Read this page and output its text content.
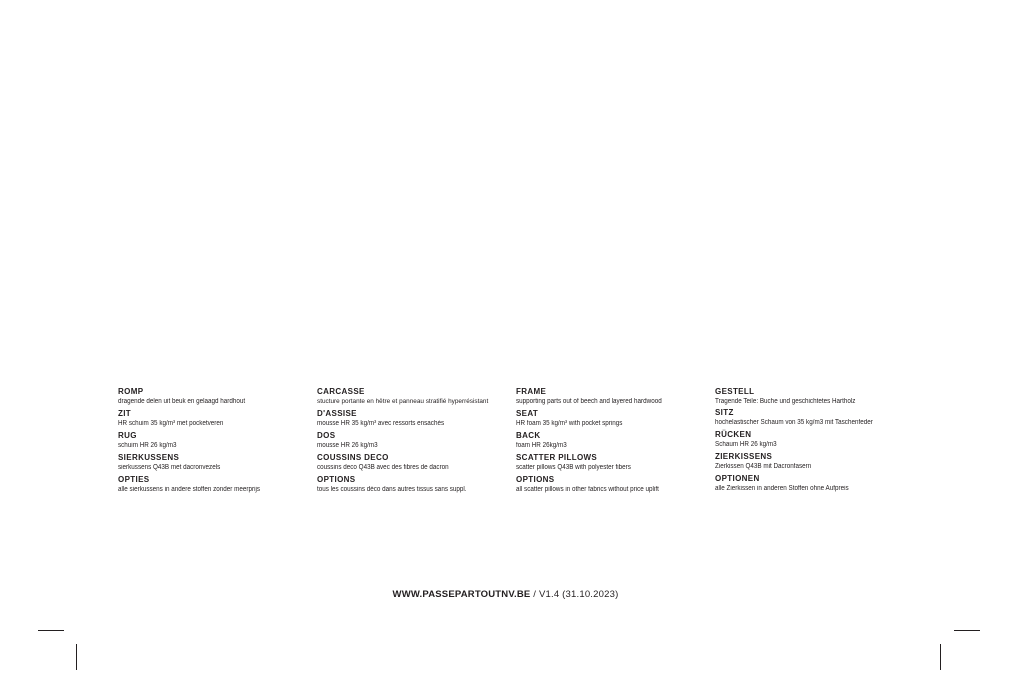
ROMP

dragende delen uit beuk en gelaagd hardhout

ZIT

HR schuim 35 kg/m³ met pocketveren

RUG

schuim HR 26 kg/m3

SIERKUSSENS

sierkussens Q43B met dacronvezels

OPTIES

alle sierkussens in andere stoffen zonder meerprijs

CARCASSE

stucture portante en hêtre et panneau stratifié hyperrésistant

D'ASSISE

mousse HR 35 kg/m³ avec ressorts ensachés

DOS

mousse HR 26 kg/m3

COUSSINS DECO

coussins deco Q43B avec des fibres de dacron

OPTIONS

tous les coussins déco dans autres tissus sans suppl.

FRAME

supporting parts out of beech and layered hardwood

SEAT

HR foam 35 kg/m³ with pocket springs

BACK

foam HR 26kg/m3

SCATTER PILLOWS

scatter pillows Q43B with polyester fibers

OPTIONS

all scatter pillows in other fabrics without price uplift

GESTELL

Tragende Teile: Buche und geschichtetes Hartholz

SITZ

hochelastischer Schaum von 35 kg/m3 mit Taschenfeder

RÜCKEN

Schaum HR 26 kg/m3

ZIERKISSENS

Zierkissen Q43B mit Dacronfasern

OPTIONEN

alle Zierkissen in anderen Stoffen ohne Aufpreis

WWW.PASSEPARTOUTNV.BE / V1.4 (31.10.2023)
